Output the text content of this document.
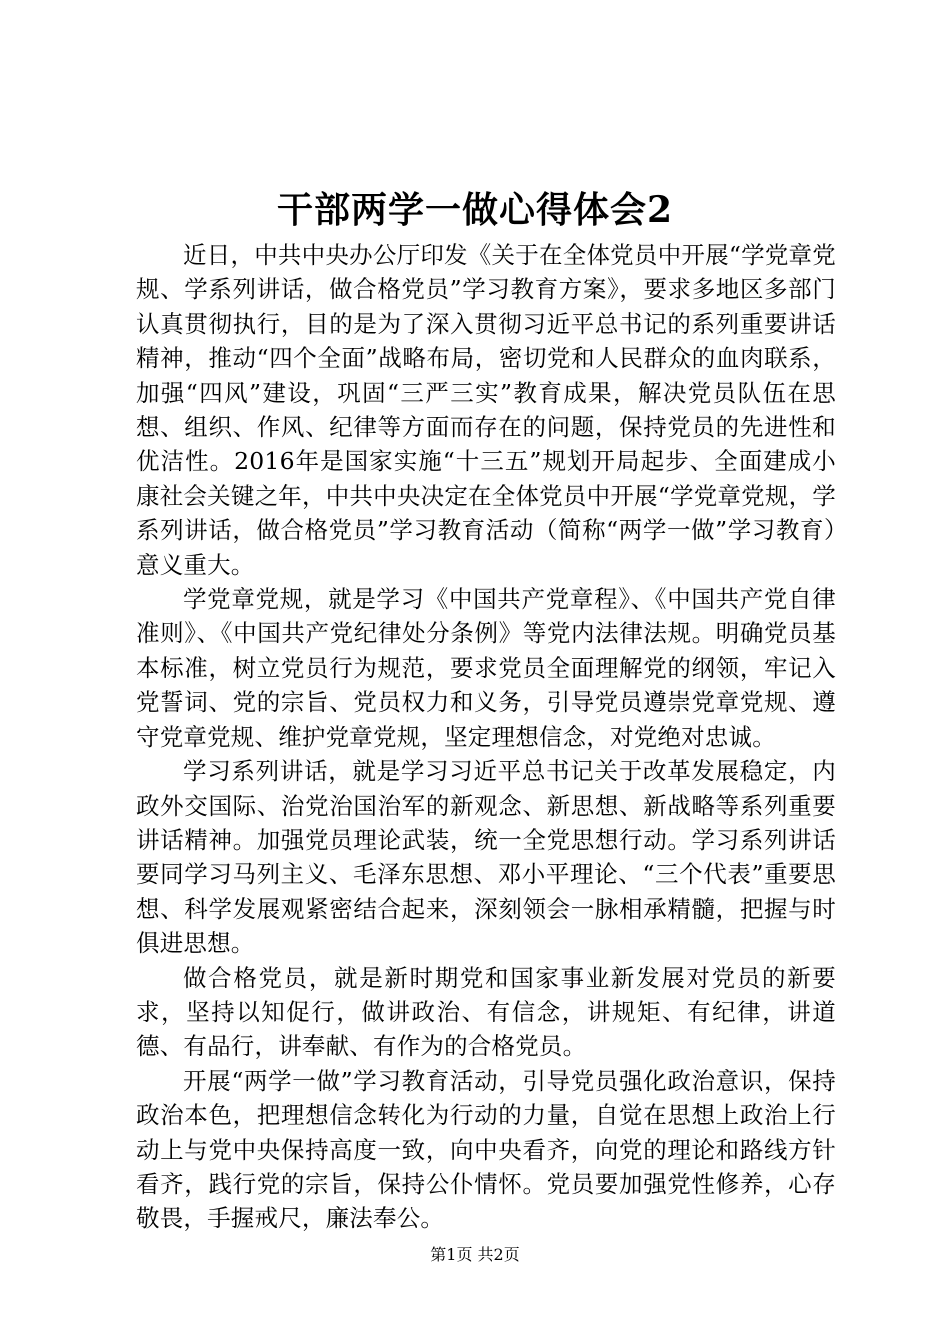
干部两学一做心得体会2

近日，中共中央办公厅印发《关于在全体党员中开展“学党章党规、学系列讲话，做合格党员”学习教育方案》，要求多地区多部门认真贯彻执行，目的是为了深入贯彻习近平总书记的系列重要讲话精神，推动“四个全面”战略布局，密切党和人民群众的血肉联系，加强“四风”建设，巩固“三严三实”教育成果，解决党员队伍在思想、组织、作风、纪律等方面而存在的问题，保持党员的先进性和优洁性。2016年是国家实施“十三五”规划开局起步、全面建成小康社会关键之年，中共中央决定在全体党员中开展“学党章党规，学系列讲话，做合格党员”学习教育活动（简称“两学一做”学习教育）意义重大。

学党章党规，就是学习《中国共产党章程》、《中国共产党自律准则》、《中国共产党纪律处分条例》等党内法律法规。明确党员基本标准，树立党员行为规范，要求党员全面理解党的纲领，牢记入党誓词、党的宗旨、党员权力和义务，引导党员遵崇党章党规、遵守党章党规、维护党章党规，坚定理想信念，对党绝对忠诚。

学习系列讲话，就是学习习近平总书记关于改革发展稳定，内政外交国际、治党治国治军的新观念、新思想、新战略等系列重要讲话精神。加强党员理论武装，统一全党思想行动。学习系列讲话要同学习马列主义、毛泽东思想、邓小平理论、“三个代表”重要思想、科学发展观紧密结合起来，深刻领会一脉相承精髓，把握与时俱进思想。

做合格党员，就是新时期党和国家事业新发展对党员的新要求，坚持以知促行，做讲政治、有信念，讲规矩、有纪律，讲道德、有品行，讲奉献、有作为的合格党员。

开展“两学一做”学习教育活动，引导党员强化政治意识，保持政治本色，把理想信念转化为行动的力量，自觉在思想上政治上行动上与党中央保持高度一致，向中央看齐，向党的理论和路线方针看齐，践行党的宗旨，保持公仆情怀。党员要加强党性修养，心存敬畏，手握戒尺，廉法奉公。

第1页 共2页
